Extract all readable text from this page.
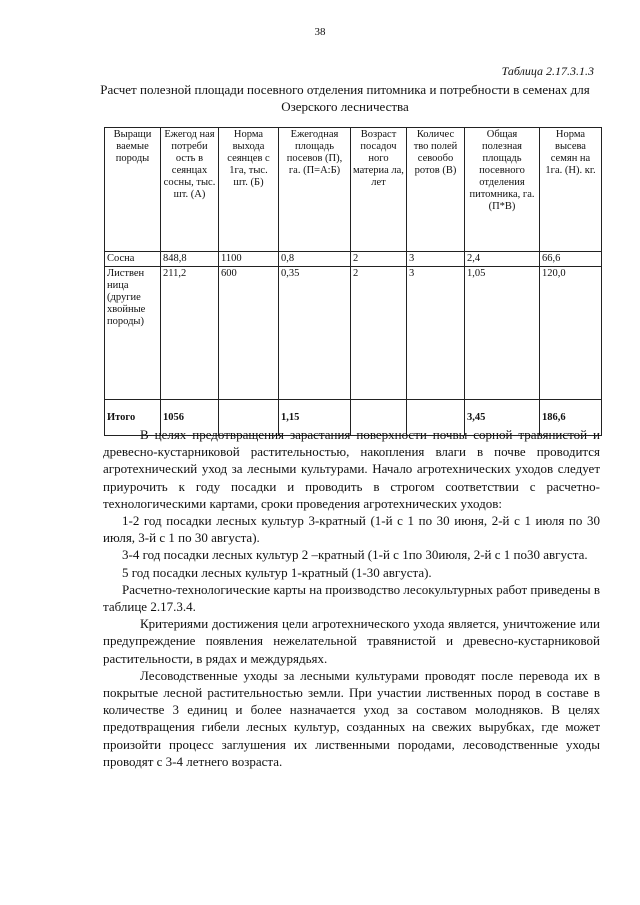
38
Таблица 2.17.3.1.3
Расчет полезной площади посевного отделения питомника и потребности в семенах для Озерского лесничества
Выращи ваемые породы	Ежегод ная потреби ость в сеянцах сосны, тыс. шт. (А)	Норма выхода сеянцев с 1га, тыс. шт. (Б)	Ежегодная площадь посевов (П), га. (П=А:Б)	Возраст посадоч ного материа ла, лет	Количес тво полей севообо ротов (В)	Общая полезная площадь посевного отделения питомника, га. (П*В)	Норма высева семян на 1га. (Н). кг.
Сосна	848,8	1100	0,8	2	3	2,4	66,6
Листвен ница (другие хвойные породы)	211,2	600	0,35	2	3	1,05	120,0
Итого	1056		1,15			3,45	186,6

В целях предотвращения зарастания поверхности почвы сорной травянистой и древесно-кустарниковой растительностью, накопления влаги в почве проводится агротехнический уход за лесными культурами. Начало агротехнических уходов следует приурочить к году посадки и проводить в строгом соответствии с расчетно-технологическими картами, сроки проведения агротехнических уходов:

1-2 год посадки лесных культур 3-кратный (1-й с 1 по 30 июня, 2-й с 1 июля по 30 июля, 3-й с 1 по 30 августа).

3-4 год посадки лесных культур 2 –кратный (1-й с 1по 30июля, 2-й с 1 по30 августа.

5 год посадки лесных культур 1-кратный (1-30 августа).

Расчетно-технологические карты на производство лесокультурных работ приведены в таблице 2.17.3.4.

Критериями достижения цели агротехнического ухода является, уничтожение или предупреждение появления нежелательной травянистой и древесно-кустарниковой растительности, в рядах и междурядьях.

Лесоводственные уходы за лесными культурами проводят после перевода их в покрытые лесной растительностью земли. При участии лиственных пород в составе в количестве 3 единиц и более назначается уход за составом молодняков. В целях предотвращения гибели лесных культур, созданных на свежих вырубках, где может произойти процесс заглушения их лиственными породами, лесоводственные уходы проводят с 3-4 летнего возраста.
